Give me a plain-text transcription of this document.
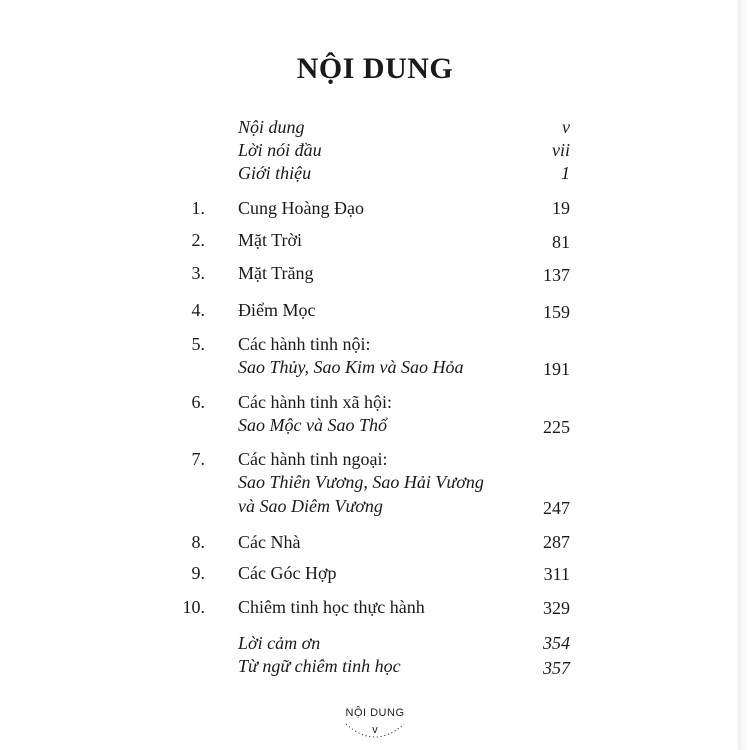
NỘI DUNG
Nội dung	v
Lời nói đầu	vii
Giới thiệu	1
1. Cung Hoàng Đạo	19
2. Mặt Trời	81
3. Mặt Trăng	137
4. Điểm Mọc	159
5. Các hành tinh nội:
Sao Thủy, Sao Kim và Sao Hỏa	191
6. Các hành tinh xã hội:
Sao Mộc và Sao Thổ	225
7. Các hành tinh ngoại:
Sao Thiên Vương, Sao Hải Vương
và Sao Diêm Vương	247
8. Các Nhà	287
9. Các Góc Hợp	311
10. Chiêm tinh học thực hành	329
Lời cảm ơn	354
Từ ngữ chiêm tinh học	357
NỘI DUNG
v
